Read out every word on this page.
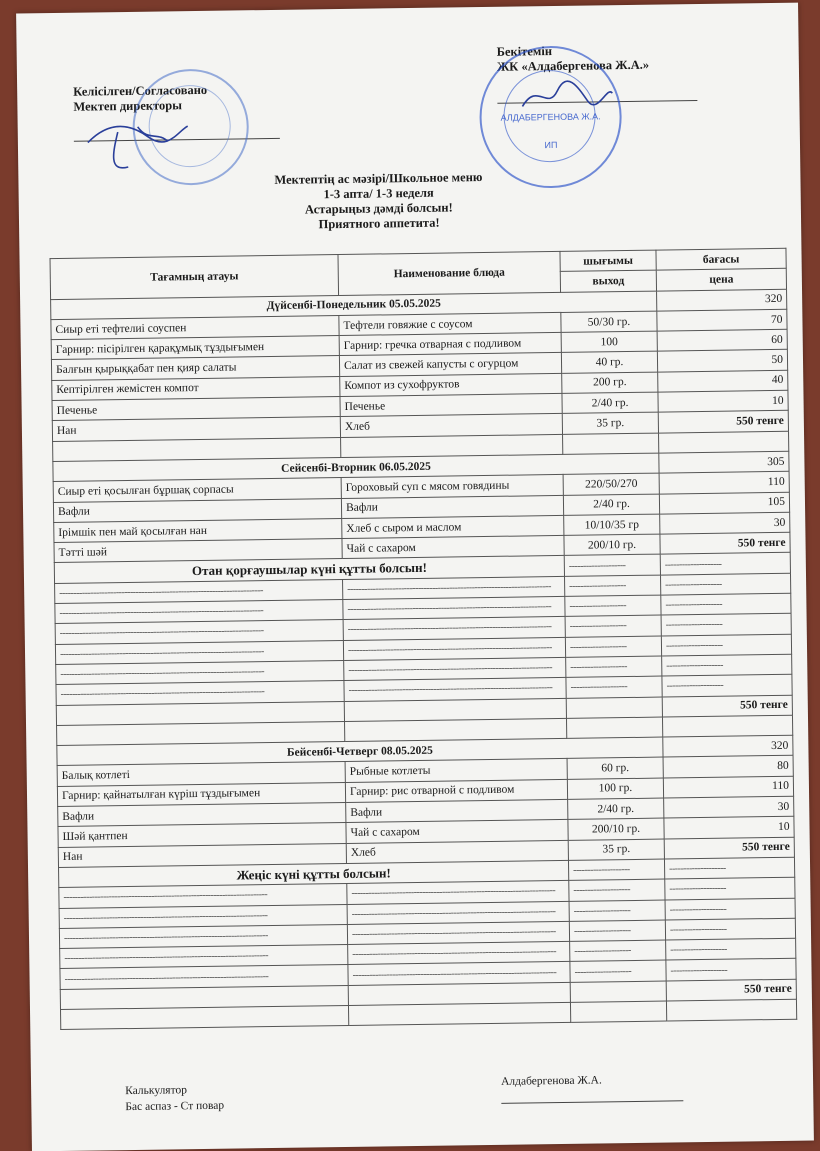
Бекітемін
ЖК «Алдабергенова Ж.А.»
АЛДАБЕРГЕНОВА Ж.А.
ИП
Келісілген/Согласовано
Мектеп директоры
Мектептің ас мәзірі/Школьное меню
1-3 апта/ 1-3 неделя
Астарыңыз дәмді болсын!
Приятного аппетита!
Тағамның атауы	Наименование блюда	шығымы	бағасы
		выход	цена
Дүйсенбі-Понедельник 05.05.2025			320
Сиыр еті тефтелиі соуспен	Тефтели говяжие с соусом	50/30 гр.	70
Гарнир: пісірілген қарақұмық тұздығымен	Гарнир: гречка отварная с подливом	100	60
Балғын қырыққабат пен қияр салаты	Салат из свежей капусты с огурцом	40 гр.	50
Кептірілген жемістен компот	Компот из сухофруктов	200 гр.	40
Печенье	Печенье	2/40 гр.	10
Нан	Хлеб	35 гр.	550 тенге

Сейсенбі-Вторник 06.05.2025			305
Сиыр еті қосылған бұршақ сорпасы	Гороховый суп с мясом говядины	220/50/270	110
Вафли	Вафли	2/40 гр.	105
Ірімшік пен май қосылған нан	Хлеб с сыром и маслом	10/10/35 гр	30
Тәтті шәй	Чай с сахаром	200/10 гр.	550 тенге
Отан қорғаушылар күні құтты болсын!		--------------------	--------------------
------------------------------------------------------------------------	------------------------------------------------------------------------	--------------------	--------------------
------------------------------------------------------------------------	------------------------------------------------------------------------	--------------------	--------------------
------------------------------------------------------------------------	------------------------------------------------------------------------	--------------------	--------------------
------------------------------------------------------------------------	------------------------------------------------------------------------	--------------------	--------------------
------------------------------------------------------------------------	------------------------------------------------------------------------	--------------------	--------------------
------------------------------------------------------------------------	------------------------------------------------------------------------	--------------------	--------------------
			550 тенге

Бейсенбі-Четверг 08.05.2025			320
Балық котлеті	Рыбные котлеты	60 гр.	80
Гарнир: қайнатылған күріш тұздығымен	Гарнир: рис отварной с подливом	100 гр.	110
Вафли	Вафли	2/40 гр.	30
Шәй қантпен	Чай с сахаром	200/10 гр.	10
Нан	Хлеб	35 гр.	550 тенге
Жеңіс күні құтты болсын!		--------------------	--------------------
------------------------------------------------------------------------	------------------------------------------------------------------------	--------------------	--------------------
------------------------------------------------------------------------	------------------------------------------------------------------------	--------------------	--------------------
------------------------------------------------------------------------	------------------------------------------------------------------------	--------------------	--------------------
------------------------------------------------------------------------	------------------------------------------------------------------------	--------------------	--------------------
------------------------------------------------------------------------	------------------------------------------------------------------------	--------------------	--------------------
			550 тенге

Калькулятор
Бас аспаз - Ст повар
Алдабергенова Ж.А.
